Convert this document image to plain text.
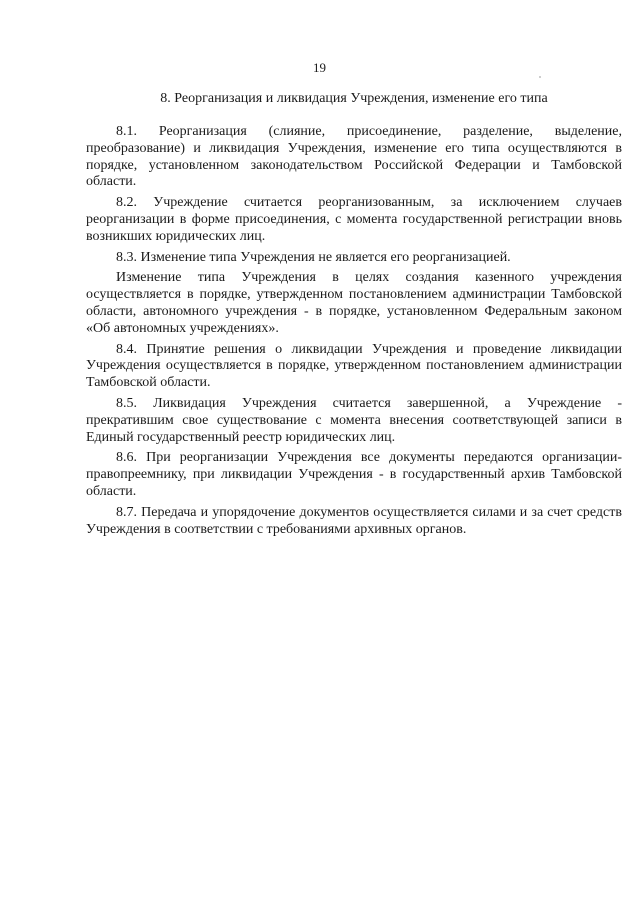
19
8. Реорганизация и ликвидация Учреждения, изменение его типа

8.1. Реорганизация (слияние, присоединение, разделение, выделение, преобразование) и ликвидация Учреждения, изменение его типа осуществляются в порядке, установленном законодательством Российской Федерации и Тамбовской области.

8.2. Учреждение считается реорганизованным, за исключением случаев реорганизации в форме присоединения, с момента государственной регистрации вновь возникших юридических лиц.

8.3. Изменение типа Учреждения не является его реорганизацией.

Изменение типа Учреждения в целях создания казенного учреждения осуществляется в порядке, утвержденном постановлением администрации Тамбовской области, автономного учреждения - в порядке, установленном Федеральным законом «Об автономных учреждениях».

8.4. Принятие решения о ликвидации Учреждения и проведение ликвидации Учреждения осуществляется в порядке, утвержденном постановлением администрации Тамбовской области.

8.5. Ликвидация Учреждения считается завершенной, а Учреждение - прекратившим свое существование с момента внесения соответствующей записи в Единый государственный реестр юридических лиц.

8.6. При реорганизации Учреждения все документы передаются организации-правопреемнику, при ликвидации Учреждения - в государственный архив Тамбовской области.

8.7. Передача и упорядочение документов осуществляется силами и за счет средств Учреждения в соответствии с требованиями архивных органов.
